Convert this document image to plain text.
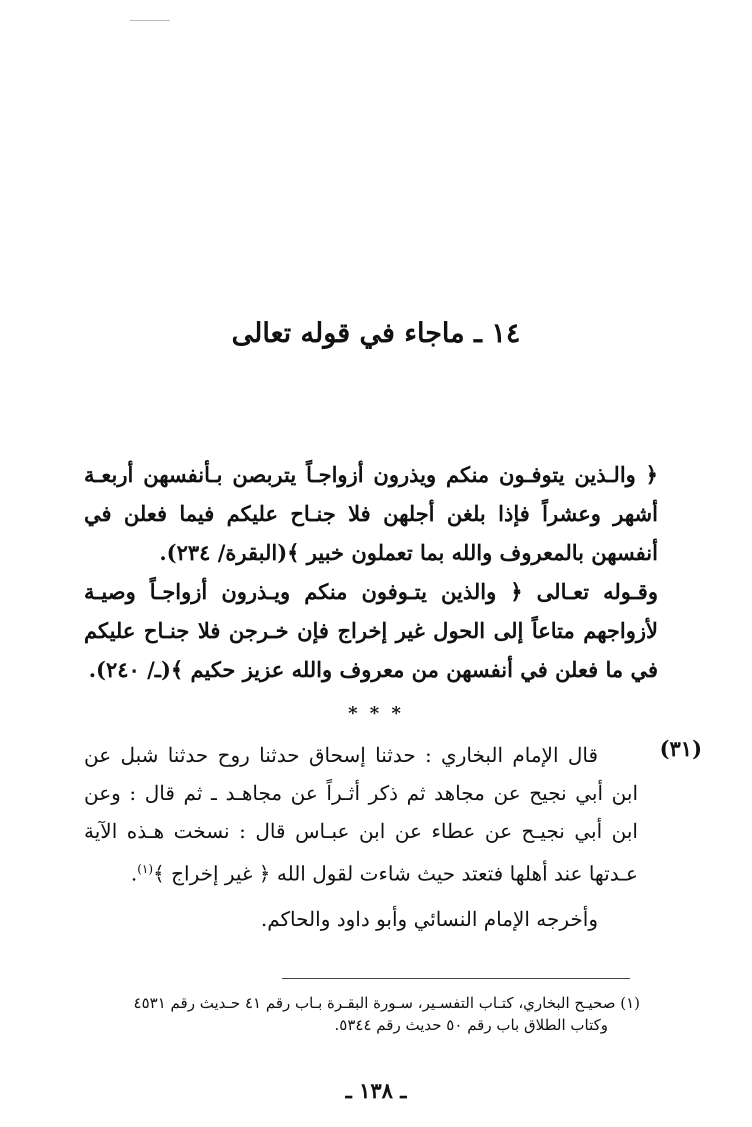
١٤ ـ ماجاء في قوله تعالى

﴿ والـذين يتوفـون منكم ويذرون أزواجـاً يتربصن بـأنفسهن أربعـة أشهر وعشراً فإذا بلغن أجلهن فلا جنـاح عليكم فيما فعلن في أنفسهن بالمعروف والله بما تعملون خبير ﴾(البقرة/ ٢٣٤).

وقـوله تعـالى ﴿ والذين يتـوفون منكم ويـذرون أزواجـاً وصيـة لأزواجهم متاعاً إلى الحول غير إخراج فإن خـرجن فلا جنـاح عليكم في ما فعلن في أنفسهن من معروف والله عزيز حكيم ﴾(ـ/ ٢٤٠).

* * *
(٣١)

قال الإمام البخاري : حدثنا إسحاق حدثنا روح حدثنا شبل عن ابن أبي نجيح عن مجاهد ثم ذكر أثـراً عن مجاهـد ـ ثم قال : وعن ابن أبي نجيـح عن عطاء عن ابن عبـاس قال : نسخت هـذه الآية عـدتها عند أهلها فتعتد حيث شاءت لقول الله ﴿ غير إخراج ﴾$^{(١)}$.

وأخرجه الإمام النسائي وأبو داود والحاكم.

(١) صحيـح البخاري، كتـاب التفسـير، سـورة البقـرة بـاب رقم ٤١ حـديث رقم ٤٥٣١

وكتاب الطلاق باب رقم ٥٠ حديث رقم ٥٣٤٤.

ـ ١٣٨ ـ
